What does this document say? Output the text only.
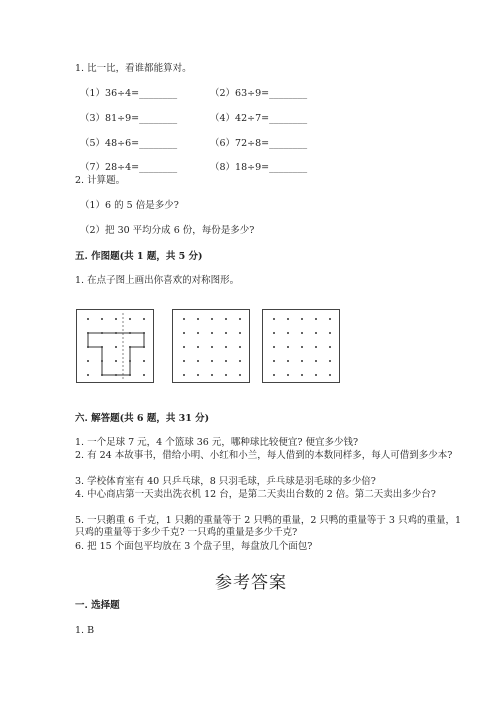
1. 比一比，看谁都能算对。
（1）36÷4=________	（2）63÷9=________
（3）81÷9=________	（4）42÷7=________
（5）48÷6=________	（6）72÷8=________
（7）28÷4=________	（8）18÷9=________
2. 计算题。
（1）6 的 5 倍是多少?
（2）把 30 平均分成 6 份，每份是多少?
五. 作图题(共 1 题，共 5 分)
1. 在点子图上画出你喜欢的对称图形。
六. 解答题(共 6 题，共 31 分)
1. 一个足球 7 元，4 个篮球 36 元，哪种球比较便宜? 便宜多少钱?
2. 有 24 本故事书，借给小明、小红和小兰，每人借到的本数同样多，每人可借到多少本?
3. 学校体育室有 40 只乒乓球，8 只羽毛球，乒乓球是羽毛球的多少倍?
4. 中心商店第一天卖出洗衣机 12 台，是第二天卖出台数的 2 倍。第二天卖出多少台?
5. 一只鹅重 6 千克，1 只鹅的重量等于 2 只鸭的重量，2 只鸭的重量等于 3 只鸡的重量，1 只鸡的重量等于多少千克? 一只鸡的重量是多少千克?
6. 把 15 个面包平均放在 3 个盘子里，每盘放几个面包?
参考答案
一. 选择题
1. B
